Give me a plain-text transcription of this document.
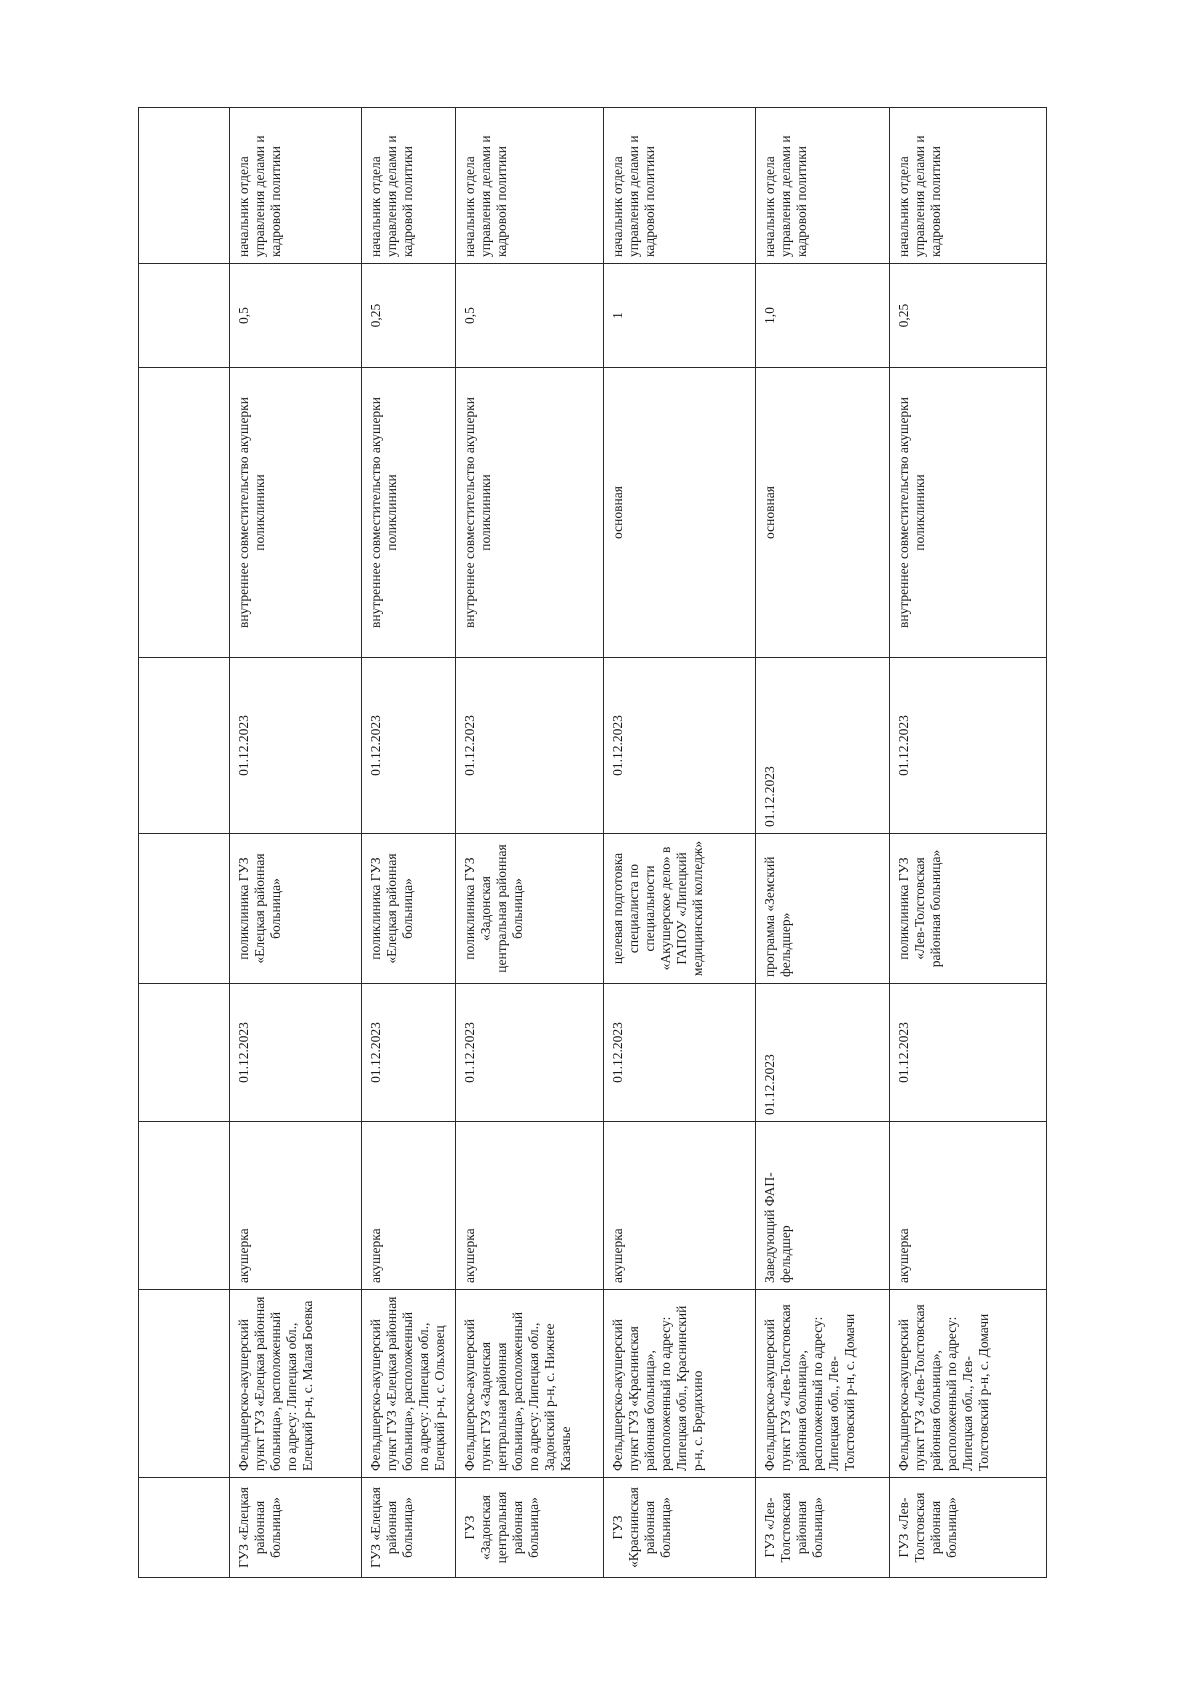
ГУЗ «Елецкая районная больница»	Фельдшерско-акушерский пункт ГУЗ «Елецкая районная больница», расположенный по адресу: Липецкая обл., Елецкий р-н, с. Малая Боевка	акушерка	01.12.2023	поликлиника ГУЗ «Елецкая районная больница»	01.12.2023	внутреннее совместительство акушерки поликлиники	0,5	начальник отдела управления делами и кадровой политики
ГУЗ «Елецкая районная больница»	Фельдшерско-акушерский пункт ГУЗ «Елецкая районная больница», расположенный по адресу: Липецкая обл., Елецкий р-н, с. Ольховец	акушерка	01.12.2023	поликлиника ГУЗ «Елецкая районная больница»	01.12.2023	внутреннее совместительство акушерки поликлиники	0,25	начальник отдела управления делами и кадровой политики
ГУЗ «Задонская центральная районная больница»	Фельдшерско-акушерский пункт ГУЗ «Задонская центральная районная больница», расположенный по адресу: Липецкая обл., Задонский р-н, с. Нижнее Казачье	акушерка	01.12.2023	поликлиника ГУЗ «Задонская центральная районная больница»	01.12.2023	внутреннее совместительство акушерки поликлиники	0,5	начальник отдела управления делами и кадровой политики
ГУЗ «Краснинская районная больница»	Фельдшерско-акушерский пункт ГУЗ «Краснинская районная больница», расположенный по адресу: Липецкая обл., Краснинский р-н, с. Бредихино	акушерка	01.12.2023	целевая подготовка специалиста по специальности «Акушерское дело» в ГАПОУ «Липецкий медицинский колледж»	01.12.2023	основная	1	начальник отдела управления делами и кадровой политики
ГУЗ «Лев-Толстовская районная больница»	Фельдшерско-акушерский пункт ГУЗ «Лев-Толстовская районная больница», расположенный по адресу: Липецкая обл., Лев-Толстовский р-н, с. Домачи	Заведующий ФАП-фельдшер	01.12.2023	программа «Земский фельдшер»	01.12.2023	основная	1,0	начальник отдела управления делами и кадровой политики
ГУЗ «Лев-Толстовская районная больница»	Фельдшерско-акушерский пункт ГУЗ «Лев-Толстовская районная больница», расположенный по адресу: Липецкая обл., Лев-Толстовский р-н, с. Домачи	акушерка	01.12.2023	поликлиника ГУЗ «Лев-Толстовская районная больница»	01.12.2023	внутреннее совместительство акушерки поликлиники	0,25	начальник отдела управления делами и кадровой политики
